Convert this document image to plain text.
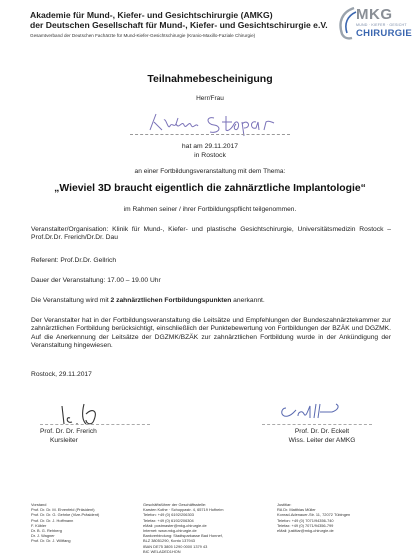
Akademie für Mund-, Kiefer- und Gesichtschirurgie (AMKG)
der Deutschen Gesellschaft für Mund-, Kiefer- und Gesichtschirurgie e.V.
Gesamtverband der Deutschen Fachärzte für Mund-Kiefer-Gesichtschirurgie (Kranio-Maxillo-Faziale Chirurgie)
MKG
MUND · KIEFER · GESICHT
CHIRURGIE
Teilnahmebescheinigung
Herr/Frau
hat am 29.11.2017
in Rostock
an einer Fortbildungsveranstaltung mit dem Thema:
„Wieviel 3D braucht eigentlich die zahnärztliche Implantologie“
im Rahmen seiner / ihrer Fortbildungspflicht teilgenommen.
Veranstalter/Organisation: Klinik für Mund-, Kiefer- und plastische Gesichtschirurgie, Universitätsmedizin Rostock – Prof.Dr.Dr. Frerich/Dr.Dr. Dau
Referent: Prof.Dr.Dr. Gellrich
Dauer der Veranstaltung: 17.00 – 19.00 Uhr
Die Veranstaltung wird mit 2 zahnärztlichen Fortbildungspunkten anerkannt.
Der Veranstalter hat in der Fortbildungsveranstaltung die Leitsätze und Empfehlungen der Bundeszahnärztekammer zur zahnärztlichen Fortbildung berücksichtigt, einschließlich der Punktebewertung von Fortbildungen der BZÄK und DGZMK. Auf die Anerkennung der Leitsätze der DGZMK/BZÄK zur zahnärztlichen Fortbildung wurde in der Ankündigung der Veranstaltung hingewiesen.
Rostock, 29.11.2017
Prof. Dr. Dr. Frerich
Kursleiter
Prof. Dr. Dr. Eckelt
Wiss. Leiter der AMKG
Vorstand
Prof. Dr. Dr. M. Ehrenfeld (Präsident)
Prof. Dr. Dr. G. Gehrke (Vize-Präsident)
Prof. Dr. Dr. J. Hoffmann
F. Kübler
Dr. B. G. Rehberg
Dr. J. Wagner
Prof. Dr. Dr. J. Wiltfang
Geschäftsführer der Geschäftsstelle:
Karsten Kothe · Schoppastr. 4, 65719 Hofheim
Telefon: +49 (0) 6192/206303
Telefax: +49 (0) 6192/206304
eMail: postmaster@mkg-chirurgie.de
Internet: www.mkg-chirurgie.de
Bankverbindung: Stadtsparkasse Bad Honnef,
BLZ 38051290, Konto 137943
IBAN DE75 3805 1290 0000 1379 43
BIC WELADED1HON
Justitiar:
RA Dr. Matthias Müller
Konrad-Adenauer-Str. 11, 72072 Tübingen
Telefon: +49 (0) 7071/94356-740
Telefax: +49 (0) 7071/94356-799
eMail: justitiar@mkg-chirurgie.de
